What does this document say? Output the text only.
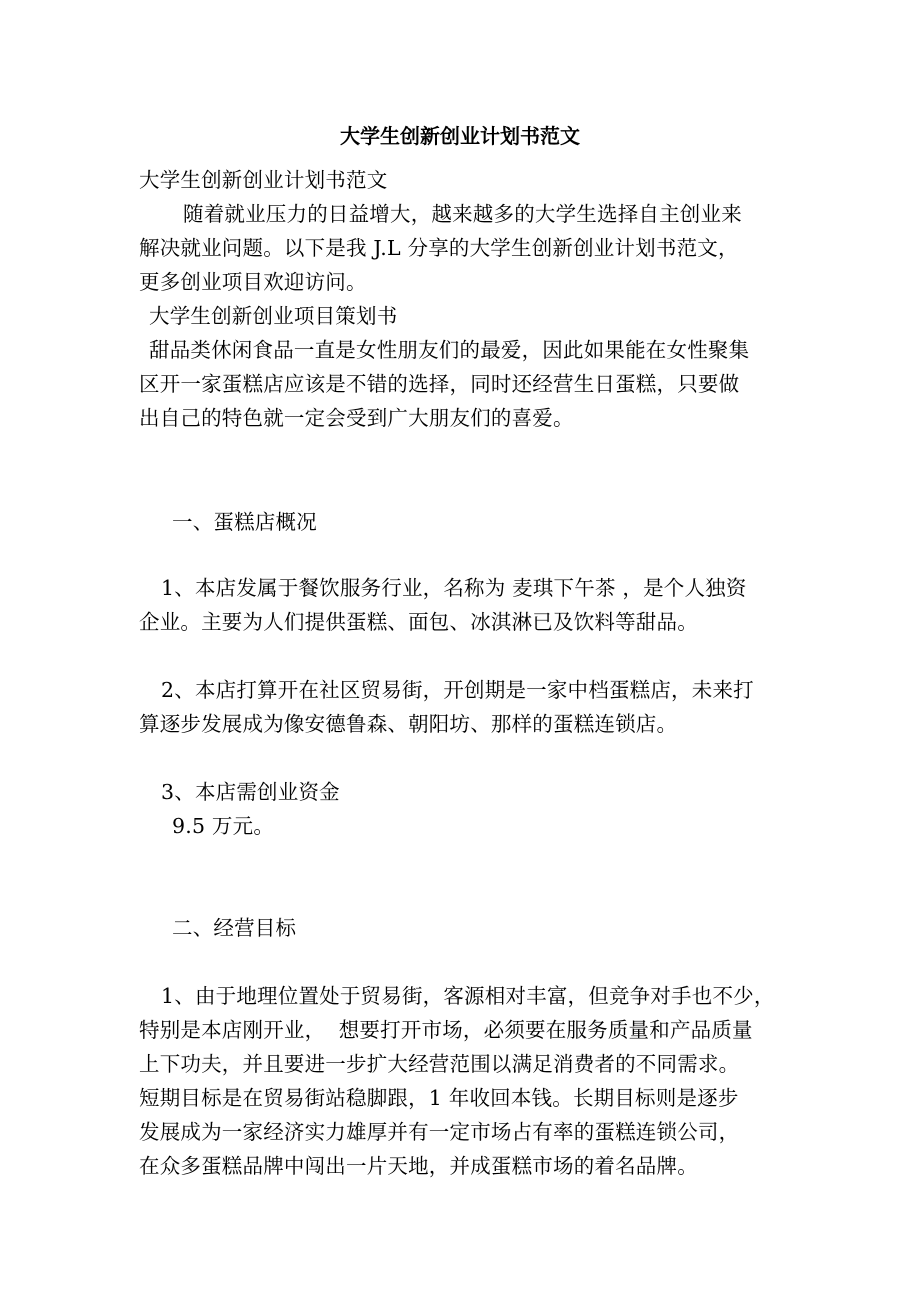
大学生创新创业计划书范文
大学生创新创业计划书范文
随着就业压力的日益增大，越来越多的大学生选择自主创业来
解决就业问题。以下是我 J.L 分享的大学生创新创业计划书范文，
更多创业项目欢迎访问。
大学生创新创业项目策划书
甜品类休闲食品一直是女性朋友们的最爱，因此如果能在女性聚集
区开一家蛋糕店应该是不错的选择，同时还经营生日蛋糕，只要做
出自己的特色就一定会受到广大朋友们的喜爱。
一、蛋糕店概况
1、本店发属于餐饮服务行业，名称为 麦琪下午茶 ，是个人独资
企业。主要为人们提供蛋糕、面包、冰淇淋已及饮料等甜品。
2、本店打算开在社区贸易街，开创期是一家中档蛋糕店，未来打
算逐步发展成为像安德鲁森、朝阳坊、那样的蛋糕连锁店。
3、本店需创业资金
9.5 万元。
二、经营目标
1、由于地理位置处于贸易街，客源相对丰富，但竞争对手也不少，
特别是本店刚开业，  想要打开市场，必须要在服务质量和产品质量
上下功夫，并且要进一步扩大经营范围以满足消费者的不同需求。
短期目标是在贸易街站稳脚跟，1 年收回本钱。长期目标则是逐步
发展成为一家经济实力雄厚并有一定市场占有率的蛋糕连锁公司，
在众多蛋糕品牌中闯出一片天地，并成蛋糕市场的着名品牌。
